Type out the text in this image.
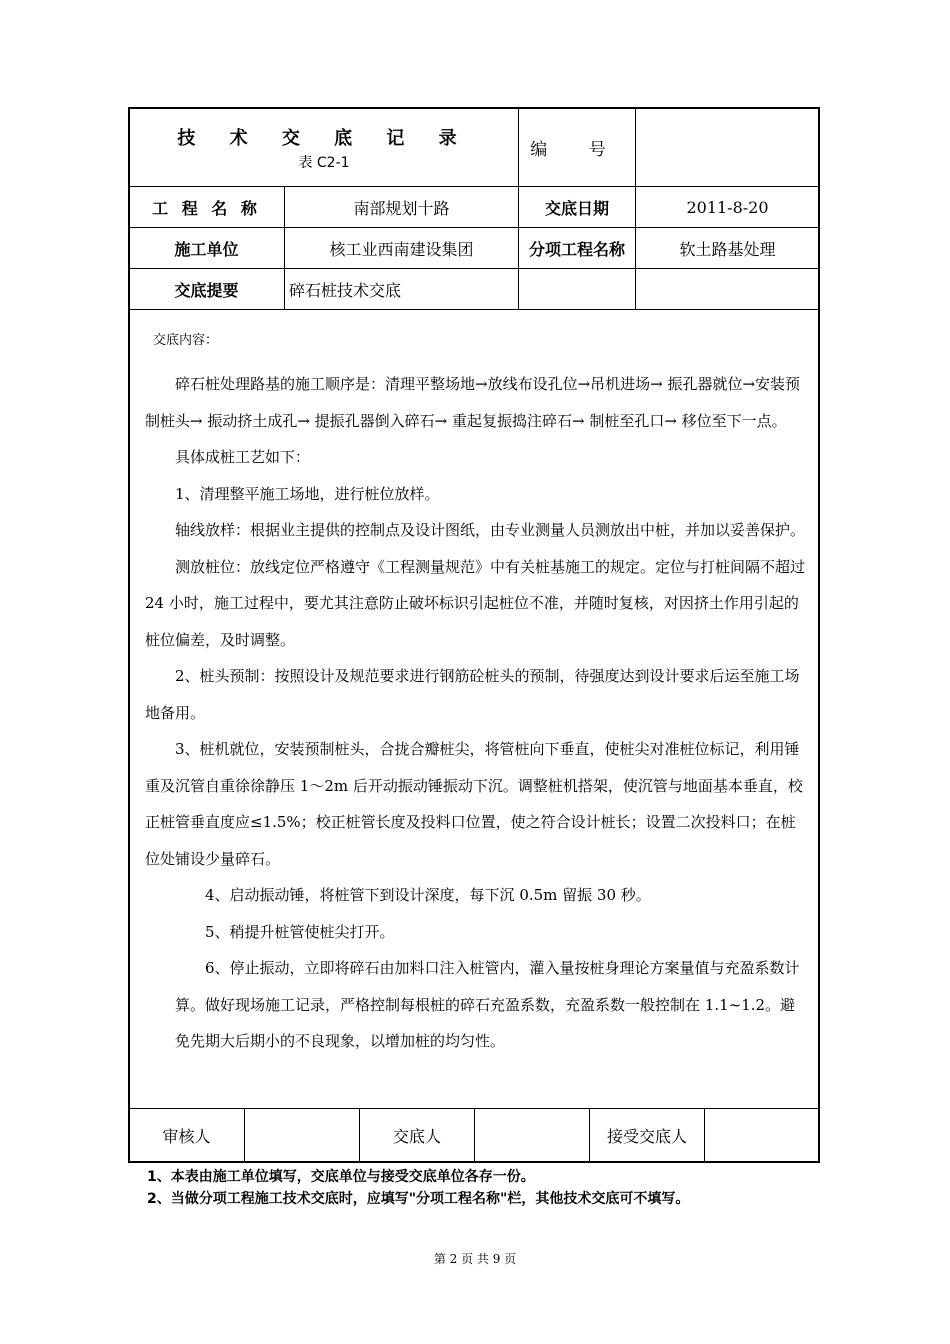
技 术 交 底 记 录
表 C2-1
编 号
工 程 名 称	南部规划十路	交底日期	2011-8-20
施工单位	核工业西南建设集团	分项工程名称	软土路基处理
交底提要	碎石桩技术交底
交底内容：

碎石桩处理路基的施工顺序是：清理平整场地→放线布设孔位→吊机进场→ 振孔器就位→安装预制桩头→ 振动挤土成孔→ 提振孔器倒入碎石→ 重起复振捣注碎石→ 制桩至孔口→ 移位至下一点。

具体成桩工艺如下：

1、清理整平施工场地，进行桩位放样。

轴线放样：根据业主提供的控制点及设计图纸，由专业测量人员测放出中桩，并加以妥善保护。

测放桩位：放线定位严格遵守《工程测量规范》中有关桩基施工的规定。定位与打桩间隔不超过 24 小时，施工过程中，要尤其注意防止破坏标识引起桩位不准，并随时复核，对因挤土作用引起的桩位偏差，及时调整。

2、桩头预制：按照设计及规范要求进行钢筋砼桩头的预制，待强度达到设计要求后运至施工场地备用。

3、桩机就位，安装预制桩头，合拢合瓣桩尖，将管桩向下垂直，使桩尖对准桩位标记，利用锤重及沉管自重徐徐静压 1～2m 后开动振动锤振动下沉。调整桩机搭架，使沉管与地面基本垂直，校正桩管垂直度应≤1.5%；校正桩管长度及投料口位置，使之符合设计桩长；设置二次投料口；在桩位处铺设少量碎石。

4、启动振动锤，将桩管下到设计深度，每下沉 0.5m 留振 30 秒。

5、稍提升桩管使桩尖打开。

6、停止振动，立即将碎石由加料口注入桩管内，灌入量按桩身理论方案量值与充盈系数计算。做好现场施工记录，严格控制每根桩的碎石充盈系数，充盈系数一般控制在 1.1~1.2。避免先期大后期小的不良现象，以增加桩的均匀性。

审核人	交底人	接受交底人
1、本表由施工单位填写，交底单位与接受交底单位各存一份。
2、当做分项工程施工技术交底时，应填写"分项工程名称"栏，其他技术交底可不填写。
第 2 页 共 9 页
